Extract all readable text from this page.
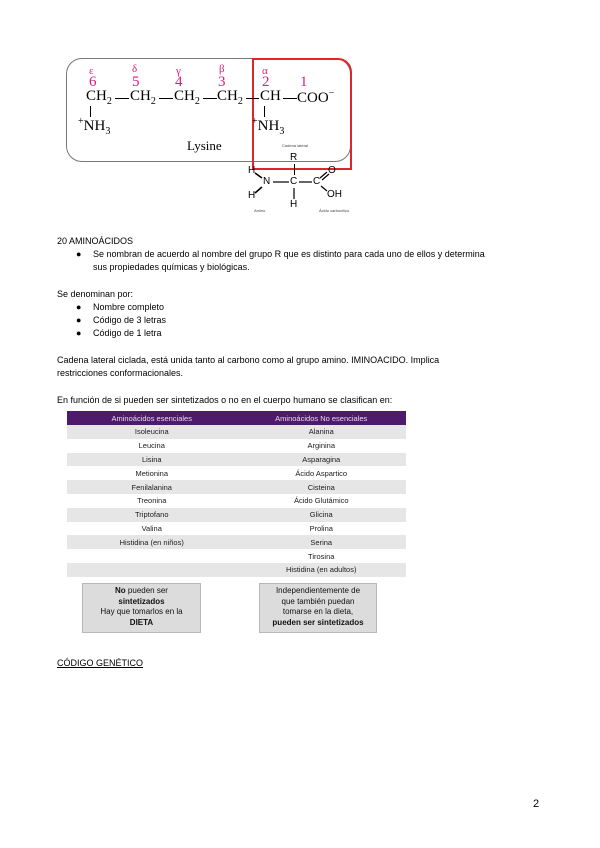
ε	δ	γ	β	α
6 5 4 3 2 1
$CH_2$ $CH_2$ $CH_2$ $CH_2$ CH COO−
$^+NH_3$
$^+NH_3$
Lysine	Cadena lateral
R
H
N C C
O
OH
H
H
Amino	Ácido carboxílico
20 AMINOÁCIDOS
● Se nombran de acuerdo al nombre del grupo R que es distinto para cada uno de ellos y determina
sus propiedades químicas y biológicas.
Se denominan por:
● Nombre completo
● Código de 3 letras
● Código de 1 letra
Cadena lateral ciclada, está unida tanto al carbono como al grupo amino. IMINOACIDO. Implica
restricciones conformacionales.
En función de si pueden ser sintetizados o no en el cuerpo humano se clasifican en:
Aminoácidos esenciales	Aminoácidos No esenciales
Isoleucina	Alanina
Leucina	Arginina
Lisina	Asparagina
Metionina	Ácido Aspartico
Fenilalanina	Cisteina
Treonina	Ácido Glutámico
Triptofano	Glicina
Valina	Prolina
Histidina (en niños)	Serina
	Tirosina
	Histidina (en adultos)
No pueden ser
sintetizados
Hay que tomarlos en la
DIETA
Independientemente de
que también puedan
tomarse en la dieta,
pueden ser sintetizados
CÓDIGO GENÉTICO
2
